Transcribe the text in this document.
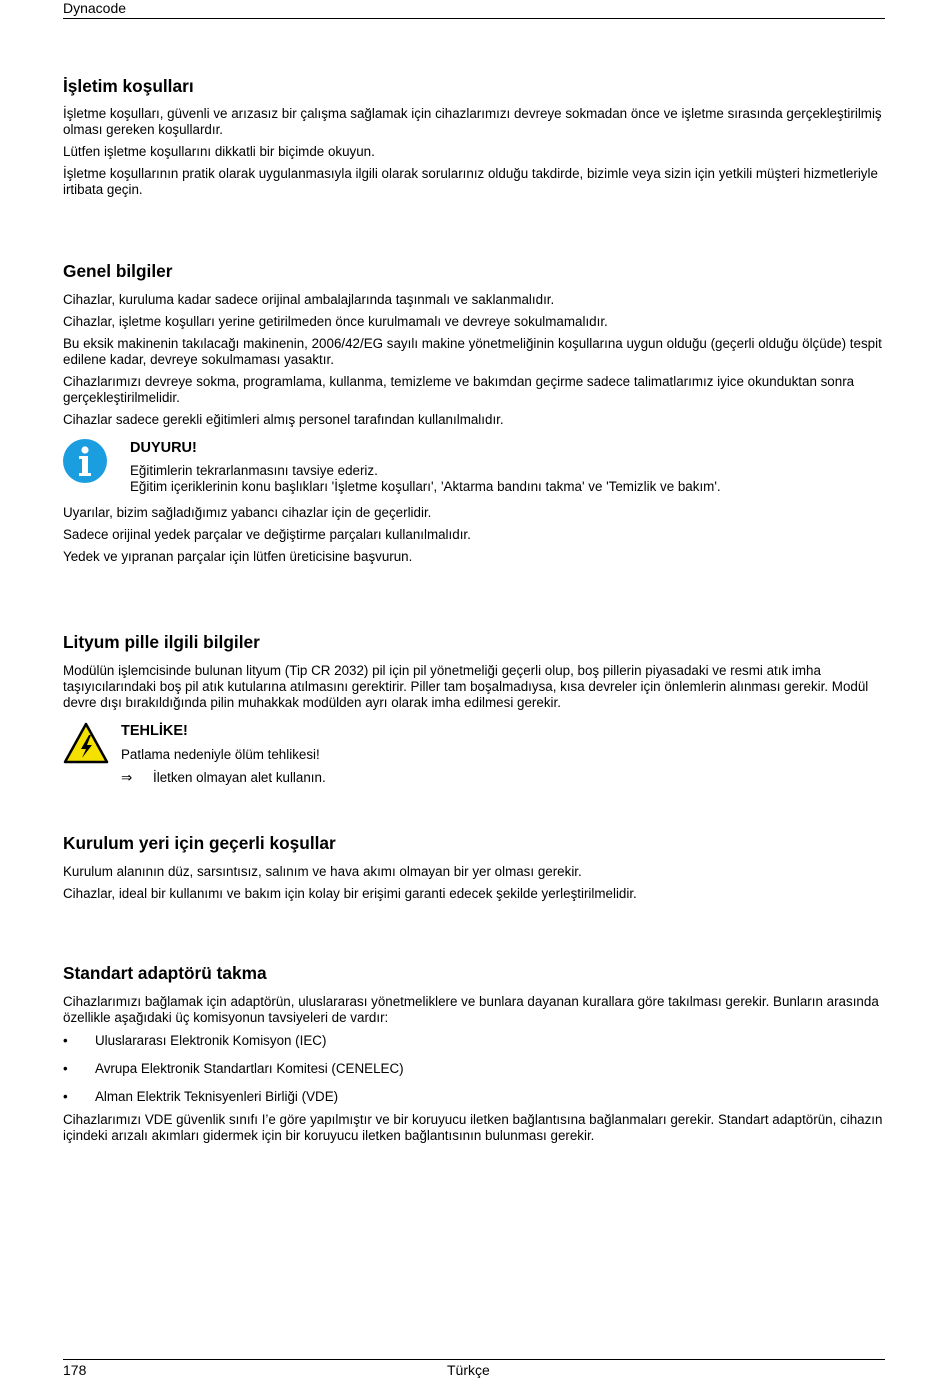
Dynacode
İşletim koşulları

İşletme koşulları, güvenli ve arızasız bir çalışma sağlamak için cihazlarımızı devreye sokmadan önce ve işletme sırasında gerçekleştirilmiş olması gereken koşullardır.

Lütfen işletme koşullarını dikkatli bir biçimde okuyun.

İşletme koşullarının pratik olarak uygulanmasıyla ilgili olarak sorularınız olduğu takdirde, bizimle veya sizin için yetkili müşteri hizmetleriyle irtibata geçin.

Genel bilgiler

Cihazlar, kuruluma kadar sadece orijinal ambalajlarında taşınmalı ve saklanmalıdır.

Cihazlar, işletme koşulları yerine getirilmeden önce kurulmamalı ve devreye sokulmamalıdır.

Bu eksik makinenin takılacağı makinenin, 2006/42/EG sayılı makine yönetmeliğinin koşullarına uygun olduğu (geçerli olduğu ölçüde) tespit edilene kadar, devreye sokulmaması yasaktır.

Cihazlarımızı devreye sokma, programlama, kullanma, temizleme ve bakımdan geçirme sadece talimatlarımız iyice okunduktan sonra gerçekleştirilmelidir.

Cihazlar sadece gerekli eğitimleri almış personel tarafından kullanılmalıdır.

DUYURU!

Eğitimlerin tekrarlanmasını tavsiye ederiz.

Eğitim içeriklerinin konu başlıkları 'İşletme koşulları', 'Aktarma bandını takma' ve 'Temizlik ve bakım'.

Uyarılar, bizim sağladığımız yabancı cihazlar için de geçerlidir.

Sadece orijinal yedek parçalar ve değiştirme parçaları kullanılmalıdır.

Yedek ve yıpranan parçalar için lütfen üreticisine başvurun.

Lityum pille ilgili bilgiler

Modülün işlemcisinde bulunan lityum (Tip CR 2032) pil için pil yönetmeliği geçerli olup, boş pillerin piyasadaki ve resmi atık imha taşıyıcılarındaki boş pil atık kutularına atılmasını gerektirir. Piller tam boşalmadıysa, kısa devreler için önlemlerin alınması gerekir. Modül devre dışı bırakıldığında pilin muhakkak modülden ayrı olarak imha edilmesi gerekir.

TEHLİKE!

Patlama nedeniyle ölüm tehlikesi!

⇒ İletken olmayan alet kullanın.

Kurulum yeri için geçerli koşullar

Kurulum alanının düz, sarsıntısız, salınım ve hava akımı olmayan bir yer olması gerekir.

Cihazlar, ideal bir kullanımı ve bakım için kolay bir erişimi garanti edecek şekilde yerleştirilmelidir.

Standart adaptörü takma

Cihazlarımızı bağlamak için adaptörün, uluslararası yönetmeliklere ve bunlara dayanan kurallara göre takılması gerekir. Bunların arasında özellikle aşağıdaki üç komisyonun tavsiyeleri de vardır:

• Uluslararası Elektronik Komisyon (IEC)
• Avrupa Elektronik Standartları Komitesi (CENELEC)
• Alman Elektrik Teknisyenleri Birliği (VDE)

Cihazlarımızı VDE güvenlik sınıfı I’e göre yapılmıştır ve bir koruyucu iletken bağlantısına bağlanmaları gerekir. Standart adaptörün, cihazın içindeki arızalı akımları gidermek için bir koruyucu iletken bağlantısının bulunması gerekir.

178	Türkçe
